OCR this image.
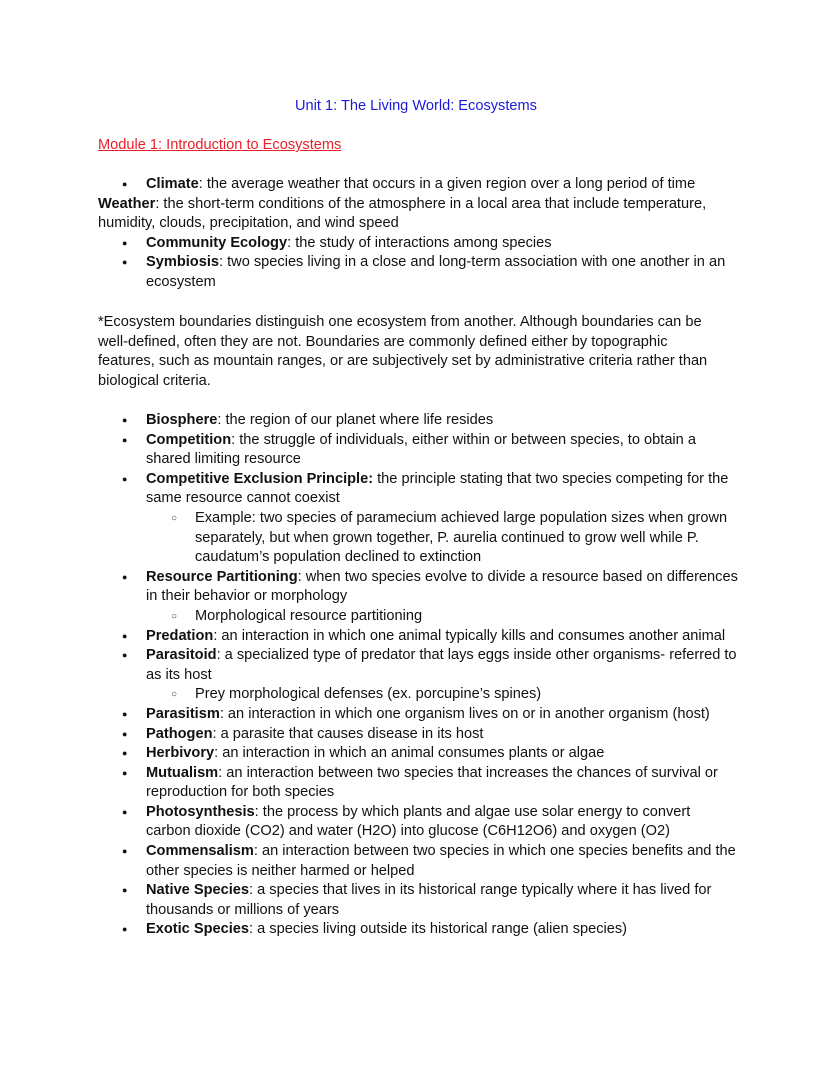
Unit 1: The Living World: Ecosystems
Module 1: Introduction to Ecosystems
● Climate: the average weather that occurs in a given region over a long period of time
Weather: the short-term conditions of the atmosphere in a local area that include temperature, humidity, clouds, precipitation, and wind speed
● Community Ecology: the study of interactions among species
● Symbiosis: two species living in a close and long-term association with one another in an ecosystem
*Ecosystem boundaries distinguish one ecosystem from another. Although boundaries can be well-defined, often they are not. Boundaries are commonly defined either by topographic features, such as mountain ranges, or are subjectively set by administrative criteria rather than biological criteria.
● Biosphere: the region of our planet where life resides
● Competition: the struggle of individuals, either within or between species, to obtain a shared limiting resource
● Competitive Exclusion Principle: the principle stating that two species competing for the same resource cannot coexist
○ Example: two species of paramecium achieved large population sizes when grown separately, but when grown together, P. aurelia continued to grow well while P. caudatum’s population declined to extinction
● Resource Partitioning: when two species evolve to divide a resource based on differences in their behavior or morphology
○ Morphological resource partitioning
● Predation: an interaction in which one animal typically kills and consumes another animal
● Parasitoid: a specialized type of predator that lays eggs inside other organisms- referred to as its host
○ Prey morphological defenses (ex. porcupine’s spines)
● Parasitism: an interaction in which one organism lives on or in another organism (host)
● Pathogen: a parasite that causes disease in its host
● Herbivory: an interaction in which an animal consumes plants or algae
● Mutualism: an interaction between two species that increases the chances of survival or reproduction for both species
● Photosynthesis: the process by which plants and algae use solar energy to convert carbon dioxide (CO2) and water (H2O) into glucose (C6H12O6) and oxygen (O2)
● Commensalism: an interaction between two species in which one species benefits and the other species is neither harmed or helped
● Native Species: a species that lives in its historical range typically where it has lived for thousands or millions of years
● Exotic Species: a species living outside its historical range (alien species)
